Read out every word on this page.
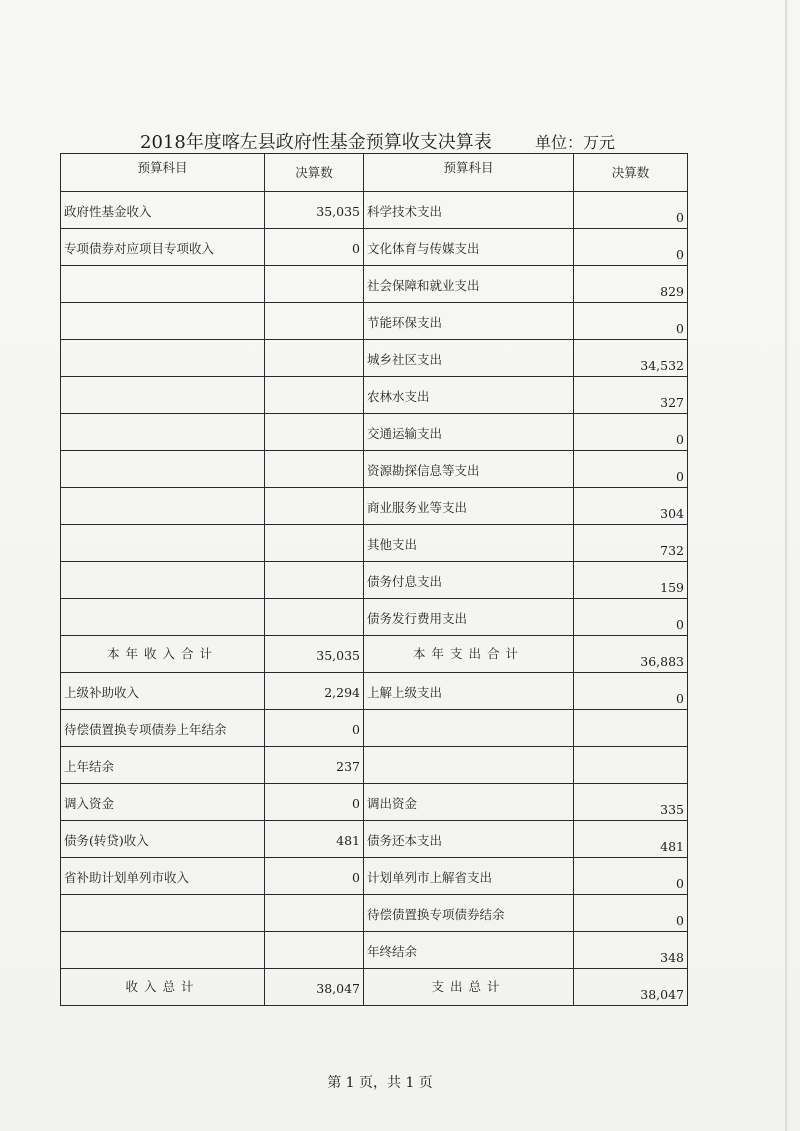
2018年度喀左县政府性基金预算收支决算表	单位：万元
预算科目	决算数	预算科目	决算数
政府性基金收入	35,035	科学技术支出	0
专项债券对应项目专项收入	0	文化体育与传媒支出	0
		社会保障和就业支出	829
		节能环保支出	0
		城乡社区支出	34,532
		农林水支出	327
		交通运输支出	0
		资源勘探信息等支出	0
		商业服务业等支出	304
		其他支出	732
		债务付息支出	159
		债务发行费用支出	0
本年收入合计	35,035	本年支出合计	36,883
上级补助收入	2,294	上解上级支出	0
待偿债置换专项债券上年结余	0		
上年结余	237		
调入资金	0	调出资金	335
债务(转贷)收入	481	债务还本支出	481
省补助计划单列市收入	0	计划单列市上解省支出	0
		待偿债置换专项债券结余	0
		年终结余	348
收入总计	38,047	支出总计	38,047
第 1 页，共 1 页
